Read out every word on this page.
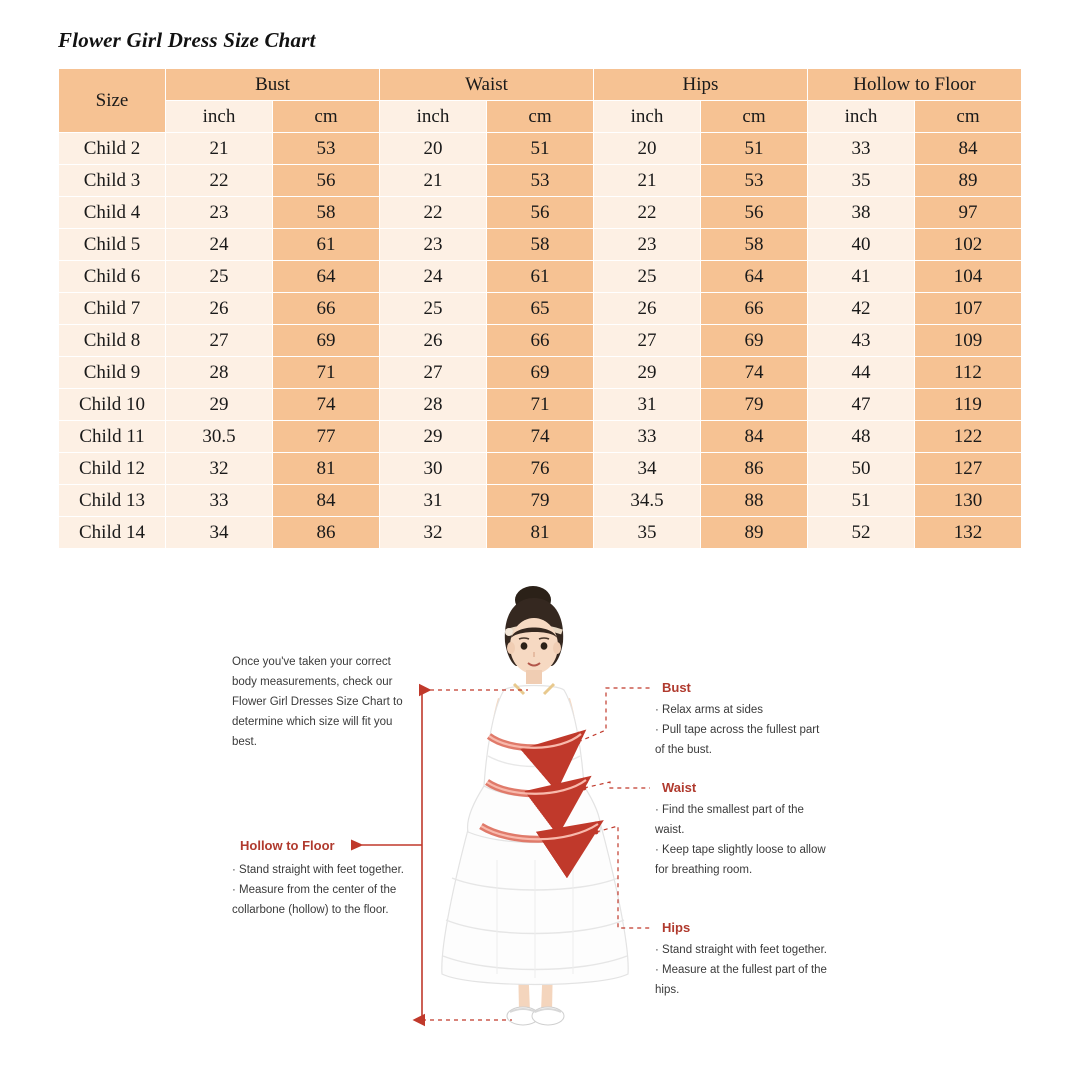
Flower Girl Dress Size Chart
Size	Bust		Waist		Hips		Hollow to Floor	
	inch	cm	inch	cm	inch	cm	inch	cm
Child 2	21	53	20	51	20	51	33	84
Child 3	22	56	21	53	21	53	35	89
Child 4	23	58	22	56	22	56	38	97
Child 5	24	61	23	58	23	58	40	102
Child 6	25	64	24	61	25	64	41	104
Child 7	26	66	25	65	26	66	42	107
Child 8	27	69	26	66	27	69	43	109
Child 9	28	71	27	69	29	74	44	112
Child 10	29	74	28	71	31	79	47	119
Child 11	30.5	77	29	74	33	84	48	122
Child 12	32	81	30	76	34	86	50	127
Child 13	33	84	31	79	34.5	88	51	130
Child 14	34	86	32	81	35	89	52	132
Once you've taken your correct body measurements, check our Flower Girl Dresses Size Chart to determine which size will fit you best.
Bust
· Relax arms at sides
· Pull tape across the fullest part of the bust.
Waist
· Find the smallest part of the waist.
· Keep tape slightly loose to allow for breathing room.
Hips
· Stand straight with feet together.
· Measure at the fullest part of the hips.
Hollow to Floor
· Stand straight with feet together.
· Measure from the center of the collarbone (hollow) to the floor.
